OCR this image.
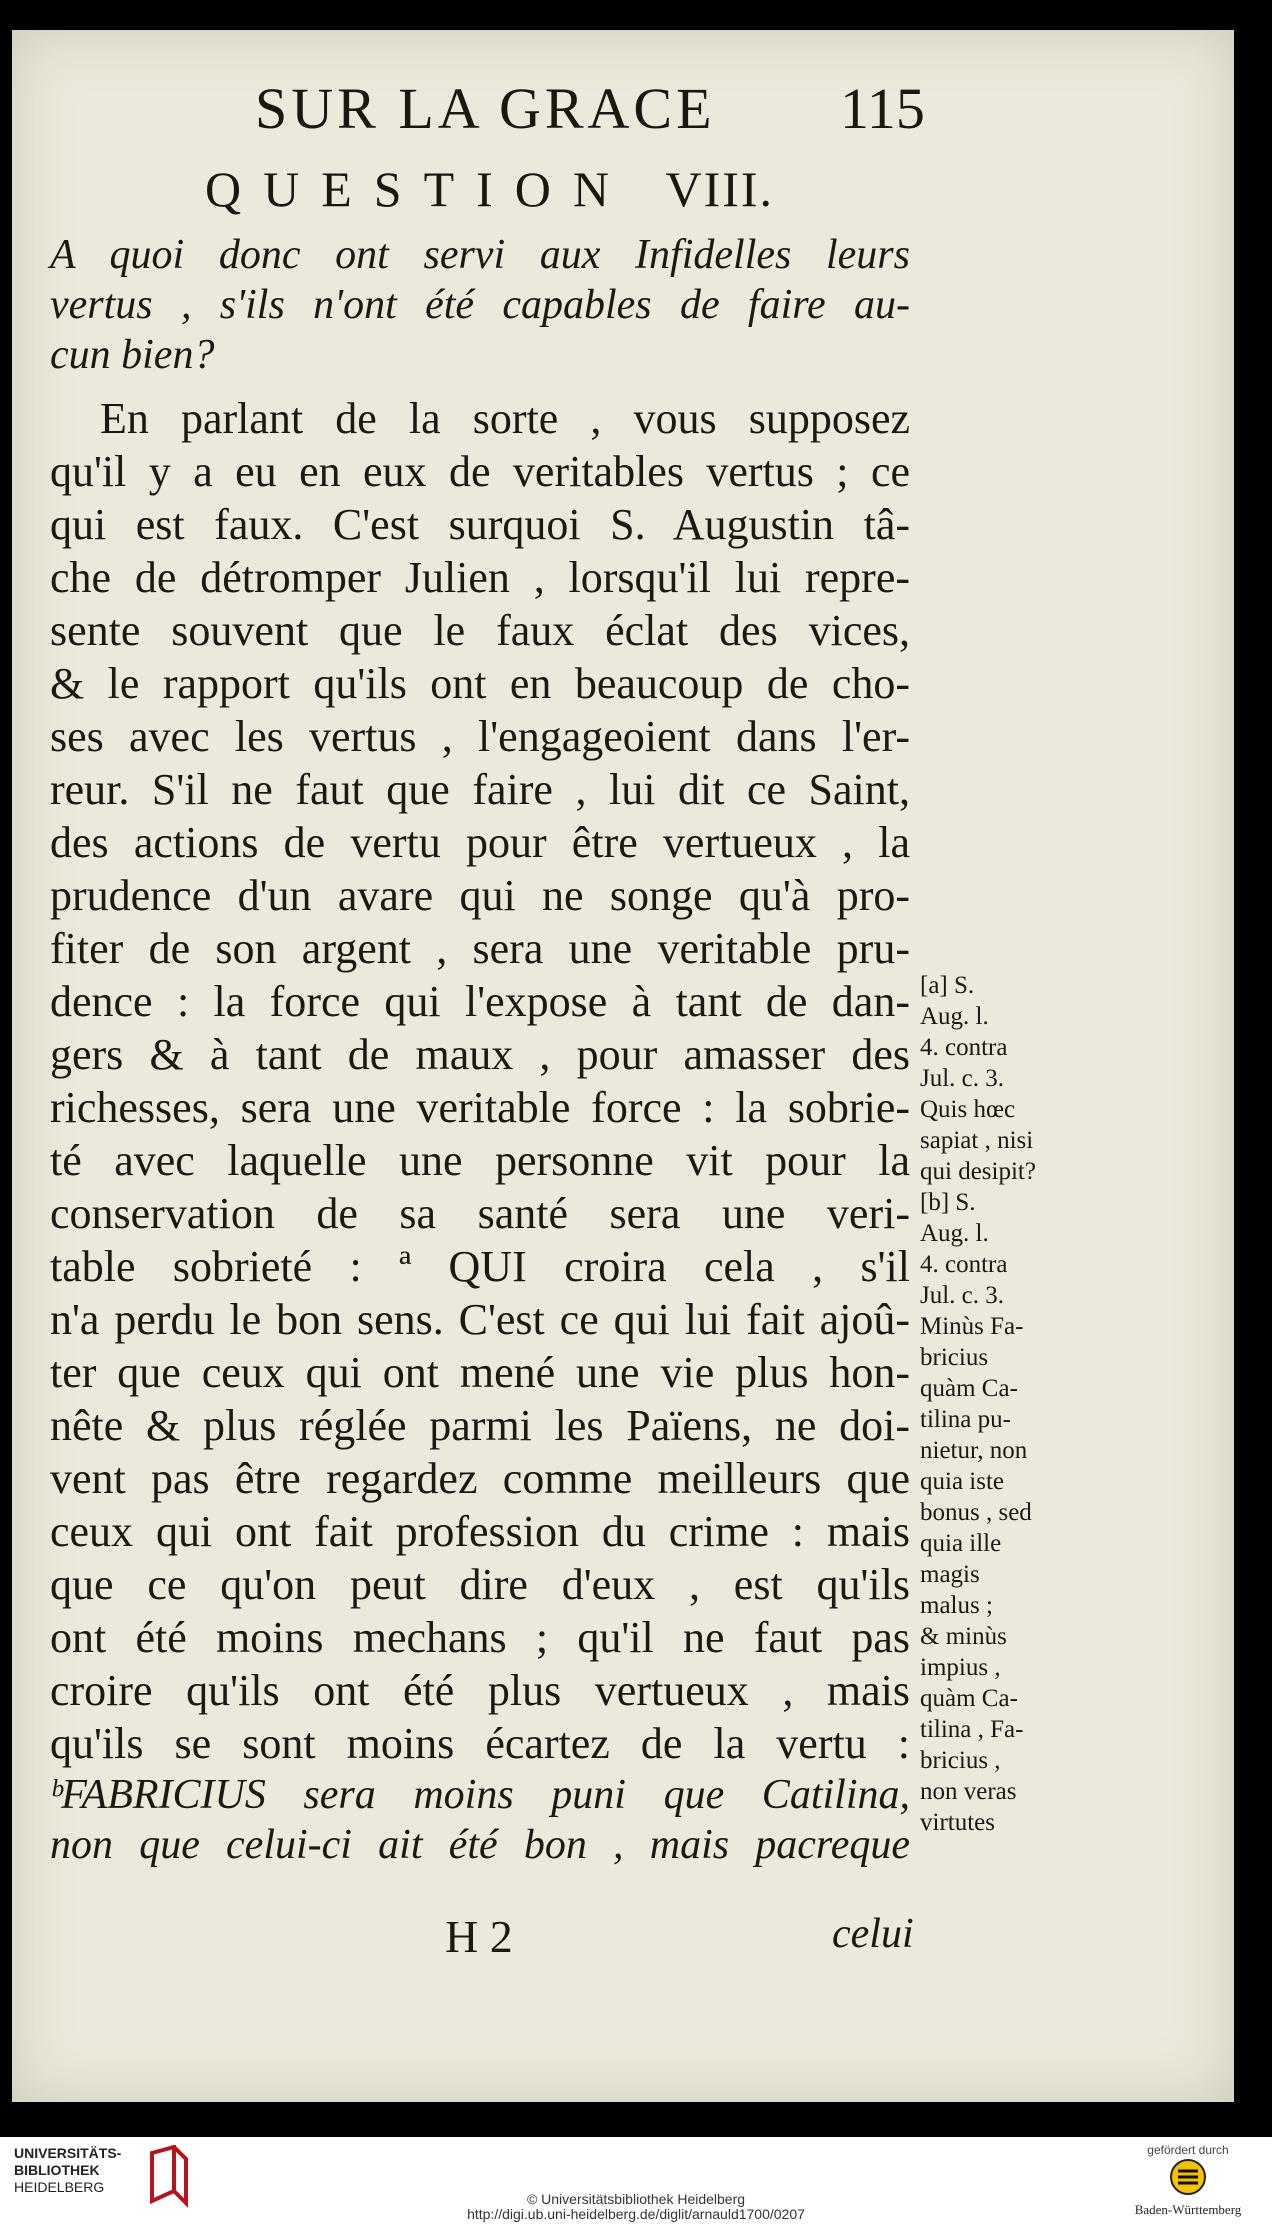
SUR LA GRACE 115
QUESTION VIII.
A quoi donc ont servi aux Infidelles leurs
vertus , s'ils n'ont été capables de faire au-
cun bien?
En parlant de la sorte , vous supposez
qu'il y a eu en eux de veritables vertus ; ce
qui est faux. C'est surquoi S. Augustin tâ-
che de détromper Julien , lorsqu'il lui repre-
sente souvent que le faux éclat des vices,
& le rapport qu'ils ont en beaucoup de cho-
ses avec les vertus , l'engageoient dans l'er-
reur. S'il ne faut que faire , lui dit ce Saint,
des actions de vertu pour être vertueux , la
prudence d'un avare qui ne songe qu'à pro-
fiter de son argent , sera une veritable pru-
dence : la force qui l'expose à tant de dan-
gers & à tant de maux , pour amasser des
richesses, sera une veritable force : la sobrie-
té avec laquelle une personne vit pour la
conservation de sa santé sera une veri-
table sobrieté : ª QUI croira cela , s'il
n'a perdu le bon sens. C'est ce qui lui fait ajoû-
ter que ceux qui ont mené une vie plus hon-
nête & plus réglée parmi les Païens, ne doi-
vent pas être regardez comme meilleurs que
ceux qui ont fait profession du crime : mais
que ce qu'on peut dire d'eux , est qu'ils
ont été moins mechans ; qu'il ne faut pas
croire qu'ils ont été plus vertueux , mais
qu'ils se sont moins écartez de la vertu :
ᵇFABRICIUS sera moins puni que Catilina,
non que celui-ci ait été bon , mais pacreque
[a] S.
Aug. l.
4. contra
Jul. c. 3.
Quis hœc
sapiat , nisi
qui desipit?
[b] S.
Aug. l.
4. contra
Jul. c. 3.
Minùs Fa-
bricius
quàm Ca-
tilina pu-
nietur, non
quia iste
bonus , sed
quia ille
magis
malus ;
& minùs
impius ,
quàm Ca-
tilina , Fa-
bricius ,
non veras
virtutes
H 2	celui
UNIVERSITÄTS-
BIBLIOTHEK
HEIDELBERG
© Universitätsbibliothek Heidelberg
http://digi.ub.uni-heidelberg.de/diglit/arnauld1700/0207
gefördert durch
Baden-Württemberg
